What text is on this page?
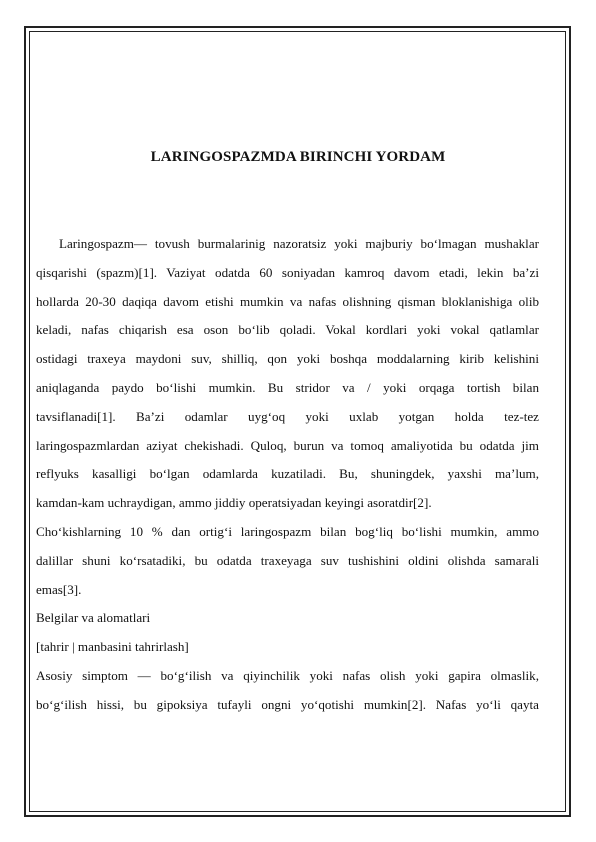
LARINGOSPAZMDA BIRINCHI YORDAM
Laringospazm— tovush burmalarinig nazoratsiz yoki majburiy bo‘lmagan mushaklar
qisqarishi (spazm)[1]. Vaziyat odatda 60 soniyadan kamroq davom etadi, lekin ba’zi
hollarda 20-30 daqiqa davom etishi mumkin va nafas olishning qisman bloklanishiga olib
keladi, nafas chiqarish esa oson bo‘lib qoladi. Vokal kordlari yoki vokal qatlamlar
ostidagi traxeya maydoni suv, shilliq, qon yoki boshqa moddalarning kirib kelishini
aniqlaganda paydo bo‘lishi mumkin. Bu stridor va / yoki orqaga tortish bilan
tavsiflanadi[1]. Ba’zi odamlar uyg‘oq yoki uxlab yotgan holda tez-tez
laringospazmlardan aziyat chekishadi. Quloq, burun va tomoq amaliyotida bu odatda jim
reflyuks kasalligi bo‘lgan odamlarda kuzatiladi. Bu, shuningdek, yaxshi ma’lum,
kamdan-kam uchraydigan, ammo jiddiy operatsiyadan keyingi asoratdir[2].
Cho‘kishlarning 10 % dan ortig‘i laringospazm bilan bog‘liq bo‘lishi mumkin, ammo
dalillar shuni ko‘rsatadiki, bu odatda traxeyaga suv tushishini oldini olishda samarali
emas[3].
Belgilar va alomatlari
[tahrir | manbasini tahrirlash]
Asosiy simptom — bo‘g‘ilish va qiyinchilik yoki nafas olish yoki gapira olmaslik,
bo‘g‘ilish hissi, bu gipoksiya tufayli ongni yo‘qotishi mumkin[2]. Nafas yo‘li qayta
